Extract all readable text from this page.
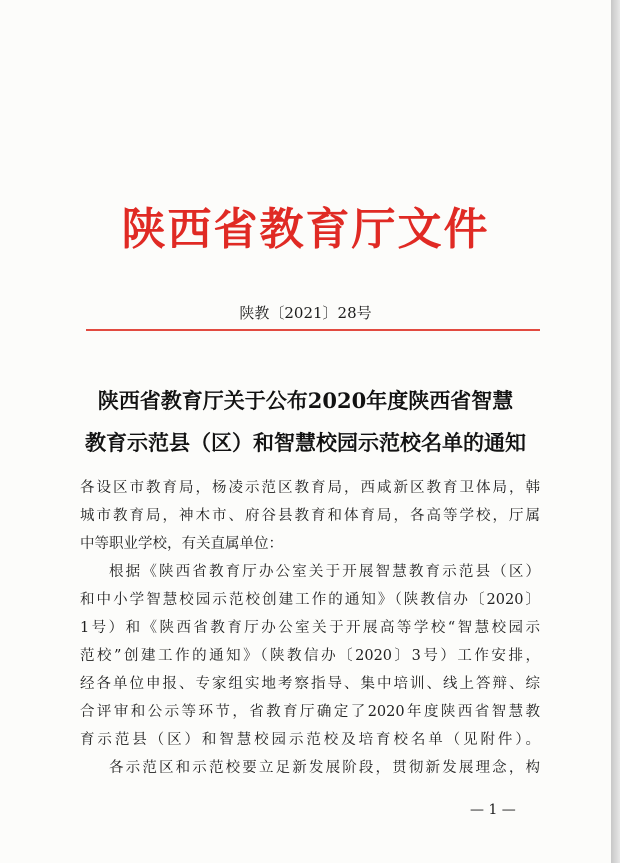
陕西省教育厅文件
陕教〔2021〕28号
陕西省教育厅关于公布2020年度陕西省智慧
教育示范县（区）和智慧校园示范校名单的通知
各设区市教育局，杨凌示范区教育局，西咸新区教育卫体局，韩
城市教育局，神木市、府谷县教育和体育局，各高等学校，厅属
中等职业学校，有关直属单位：
根据《陕西省教育厅办公室关于开展智慧教育示范县（区）
和中小学智慧校园示范校创建工作的通知》（陕教信办〔2020〕
1号）和《陕西省教育厅办公室关于开展高等学校“智慧校园示
范校”创建工作的通知》（陕教信办〔2020〕3号）工作安排，
经各单位申报、专家组实地考察指导、集中培训、线上答辩、综
合评审和公示等环节，省教育厅确定了2020年度陕西省智慧教
育示范县（区）和智慧校园示范校及培育校名单（见附件）。
各示范区和示范校要立足新发展阶段，贯彻新发展理念，构
— 1 —
